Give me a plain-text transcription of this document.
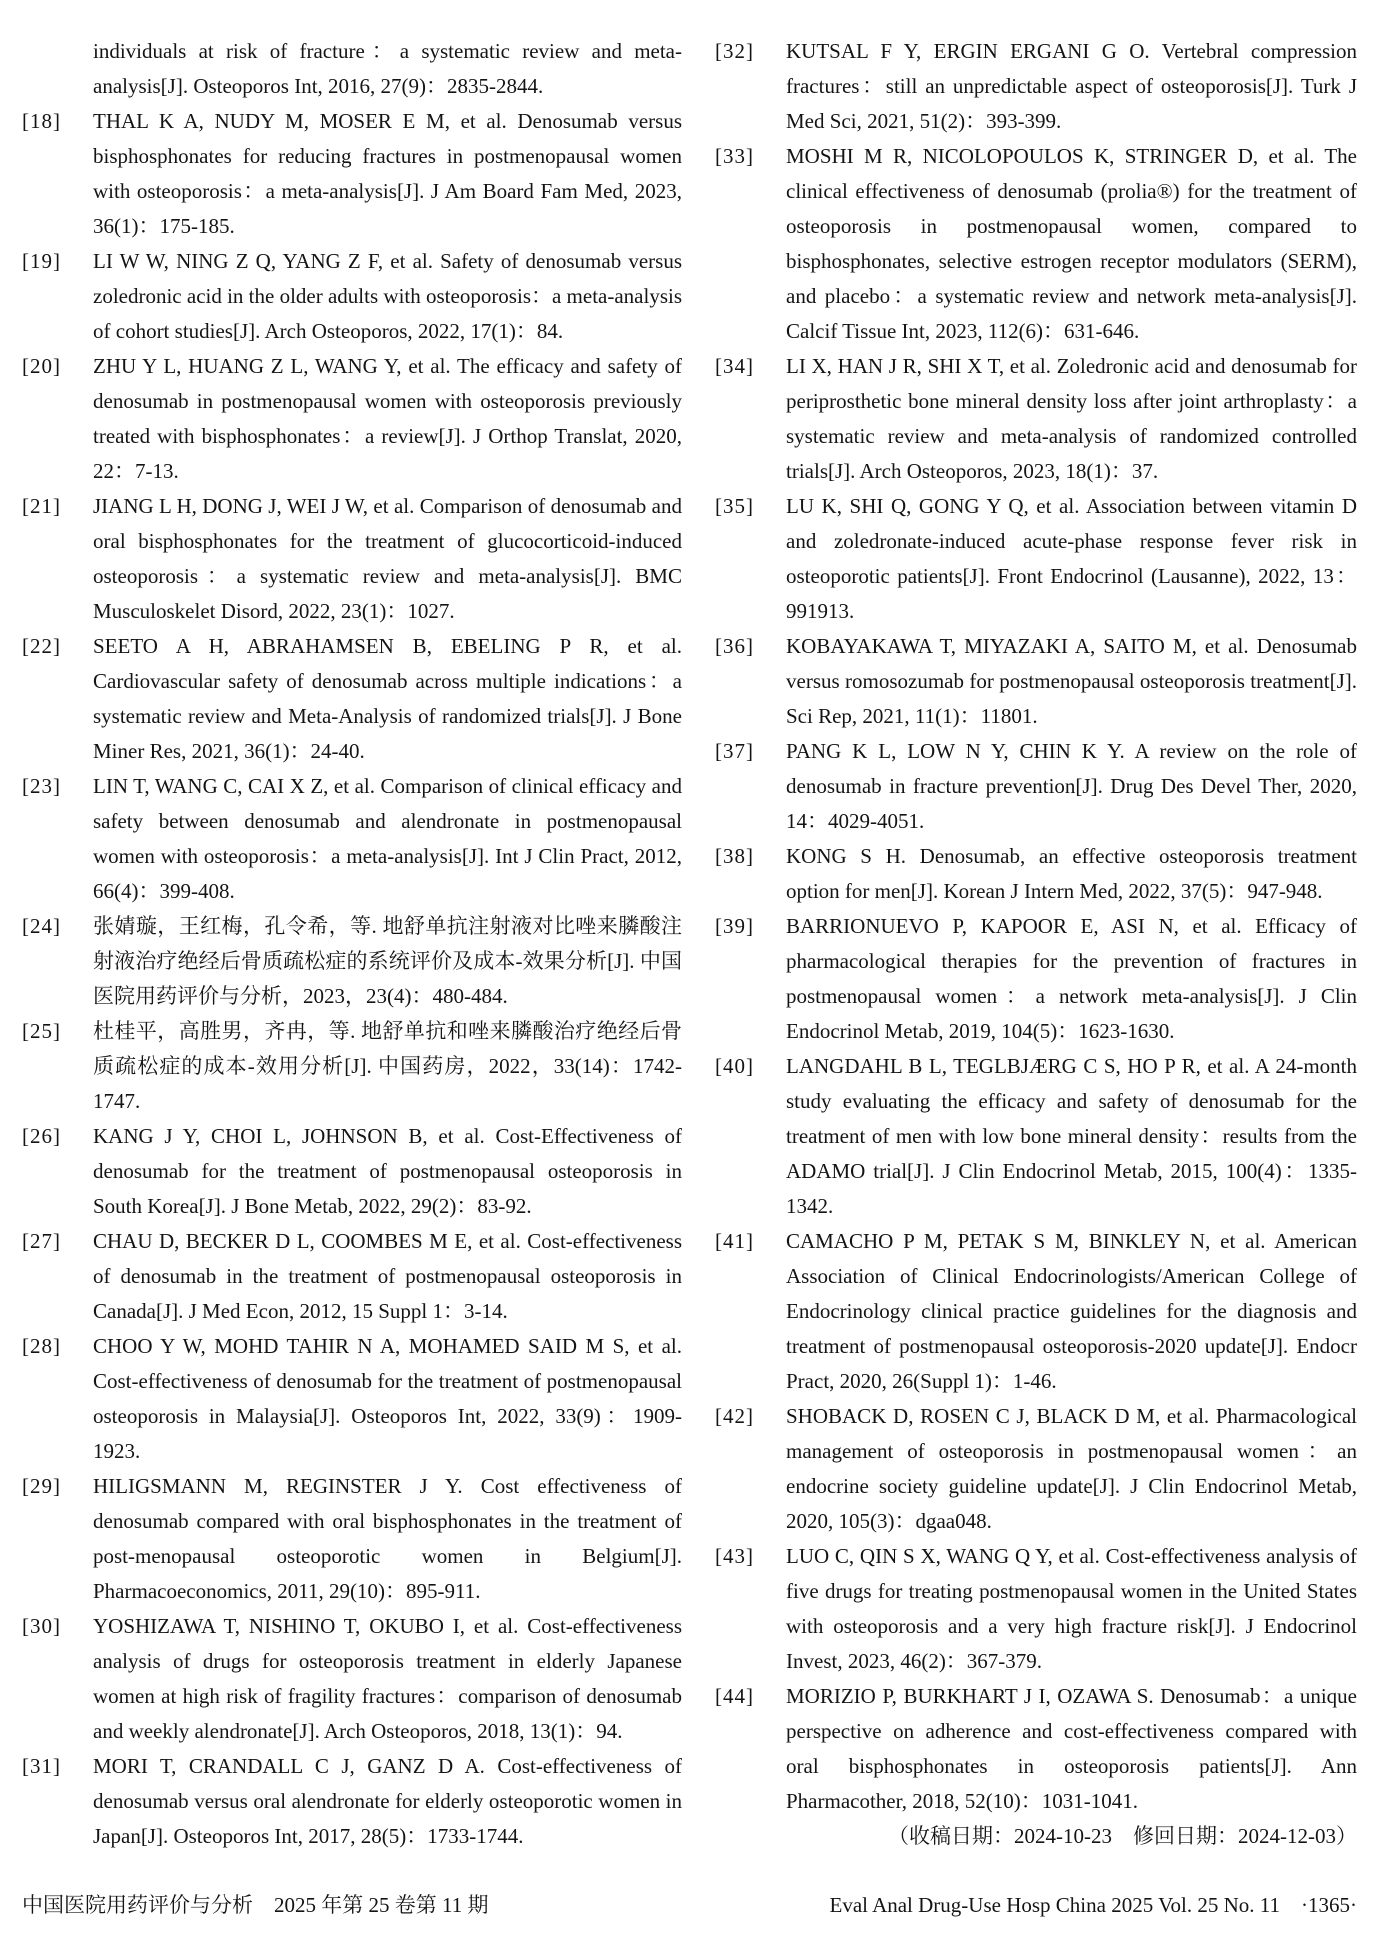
individuals at risk of fracture：a systematic review and meta-analysis[J]. Osteoporos Int, 2016, 27(9)：2835-2844.
[18]	THAL K A, NUDY M, MOSER E M, et al. Denosumab versus bisphosphonates for reducing fractures in postmenopausal women with osteoporosis：a meta-analysis[J]. J Am Board Fam Med, 2023, 36(1)：175-185.
[19]	LI W W, NING Z Q, YANG Z F, et al. Safety of denosumab versus zoledronic acid in the older adults with osteoporosis：a meta-analysis of cohort studies[J]. Arch Osteoporos, 2022, 17(1)：84.
[20]	ZHU Y L, HUANG Z L, WANG Y, et al. The efficacy and safety of denosumab in postmenopausal women with osteoporosis previously treated with bisphosphonates：a review[J]. J Orthop Translat, 2020, 22：7-13.
[21]	JIANG L H, DONG J, WEI J W, et al. Comparison of denosumab and oral bisphosphonates for the treatment of glucocorticoid-induced osteoporosis：a systematic review and meta-analysis[J]. BMC Musculoskelet Disord, 2022, 23(1)：1027.
[22]	SEETO A H, ABRAHAMSEN B, EBELING P R, et al. Cardiovascular safety of denosumab across multiple indications：a systematic review and Meta-Analysis of randomized trials[J]. J Bone Miner Res, 2021, 36(1)：24-40.
[23]	LIN T, WANG C, CAI X Z, et al. Comparison of clinical efficacy and safety between denosumab and alendronate in postmenopausal women with osteoporosis：a meta-analysis[J]. Int J Clin Pract, 2012, 66(4)：399-408.
[24]	张婧璇，王红梅，孔令希，等. 地舒单抗注射液对比唑来膦酸注射液治疗绝经后骨质疏松症的系统评价及成本-效果分析[J]. 中国医院用药评价与分析，2023，23(4)：480-484.
[25]	杜桂平，高胜男，齐冉，等. 地舒单抗和唑来膦酸治疗绝经后骨质疏松症的成本-效用分析[J]. 中国药房，2022，33(14)：1742-1747.
[26]	KANG J Y, CHOI L, JOHNSON B, et al. Cost-Effectiveness of denosumab for the treatment of postmenopausal osteoporosis in South Korea[J]. J Bone Metab, 2022, 29(2)：83-92.
[27]	CHAU D, BECKER D L, COOMBES M E, et al. Cost-effectiveness of denosumab in the treatment of postmenopausal osteoporosis in Canada[J]. J Med Econ, 2012, 15 Suppl 1：3-14.
[28]	CHOO Y W, MOHD TAHIR N A, MOHAMED SAID M S, et al. Cost-effectiveness of denosumab for the treatment of postmenopausal osteoporosis in Malaysia[J]. Osteoporos Int, 2022, 33(9)：1909-1923.
[29]	HILIGSMANN M, REGINSTER J Y. Cost effectiveness of denosumab compared with oral bisphosphonates in the treatment of post-menopausal osteoporotic women in Belgium[J]. Pharmacoeconomics, 2011, 29(10)：895-911.
[30]	YOSHIZAWA T, NISHINO T, OKUBO I, et al. Cost-effectiveness analysis of drugs for osteoporosis treatment in elderly Japanese women at high risk of fragility fractures：comparison of denosumab and weekly alendronate[J]. Arch Osteoporos, 2018, 13(1)：94.
[31]	MORI T, CRANDALL C J, GANZ D A. Cost-effectiveness of denosumab versus oral alendronate for elderly osteoporotic women in Japan[J]. Osteoporos Int, 2017, 28(5)：1733-1744.
[32]	KUTSAL F Y, ERGIN ERGANI G O. Vertebral compression fractures：still an unpredictable aspect of osteoporosis[J]. Turk J Med Sci, 2021, 51(2)：393-399.
[33]	MOSHI M R, NICOLOPOULOS K, STRINGER D, et al. The clinical effectiveness of denosumab (prolia®) for the treatment of osteoporosis in postmenopausal women, compared to bisphosphonates, selective estrogen receptor modulators (SERM), and placebo：a systematic review and network meta-analysis[J]. Calcif Tissue Int, 2023, 112(6)：631-646.
[34]	LI X, HAN J R, SHI X T, et al. Zoledronic acid and denosumab for periprosthetic bone mineral density loss after joint arthroplasty：a systematic review and meta-analysis of randomized controlled trials[J]. Arch Osteoporos, 2023, 18(1)：37.
[35]	LU K, SHI Q, GONG Y Q, et al. Association between vitamin D and zoledronate-induced acute-phase response fever risk in osteoporotic patients[J]. Front Endocrinol (Lausanne), 2022, 13：991913.
[36]	KOBAYAKAWA T, MIYAZAKI A, SAITO M, et al. Denosumab versus romosozumab for postmenopausal osteoporosis treatment[J]. Sci Rep, 2021, 11(1)：11801.
[37]	PANG K L, LOW N Y, CHIN K Y. A review on the role of denosumab in fracture prevention[J]. Drug Des Devel Ther, 2020, 14：4029-4051.
[38]	KONG S H. Denosumab, an effective osteoporosis treatment option for men[J]. Korean J Intern Med, 2022, 37(5)：947-948.
[39]	BARRIONUEVO P, KAPOOR E, ASI N, et al. Efficacy of pharmacological therapies for the prevention of fractures in postmenopausal women：a network meta-analysis[J]. J Clin Endocrinol Metab, 2019, 104(5)：1623-1630.
[40]	LANGDAHL B L, TEGLBJÆRG C S, HO P R, et al. A 24-month study evaluating the efficacy and safety of denosumab for the treatment of men with low bone mineral density：results from the ADAMO trial[J]. J Clin Endocrinol Metab, 2015, 100(4)：1335-1342.
[41]	CAMACHO P M, PETAK S M, BINKLEY N, et al. American Association of Clinical Endocrinologists/American College of Endocrinology clinical practice guidelines for the diagnosis and treatment of postmenopausal osteoporosis-2020 update[J]. Endocr Pract, 2020, 26(Suppl 1)：1-46.
[42]	SHOBACK D, ROSEN C J, BLACK D M, et al. Pharmacological management of osteoporosis in postmenopausal women：an endocrine society guideline update[J]. J Clin Endocrinol Metab, 2020, 105(3)：dgaa048.
[43]	LUO C, QIN S X, WANG Q Y, et al. Cost-effectiveness analysis of five drugs for treating postmenopausal women in the United States with osteoporosis and a very high fracture risk[J]. J Endocrinol Invest, 2023, 46(2)：367-379.
[44]	MORIZIO P, BURKHART J I, OZAWA S. Denosumab：a unique perspective on adherence and cost-effectiveness compared with oral bisphosphonates in osteoporosis patients[J]. Ann Pharmacother, 2018, 52(10)：1031-1041.
（收稿日期：2024-10-23　修回日期：2024-12-03）
中国医院用药评价与分析　2025 年第 25 卷第 11 期	Eval Anal Drug-Use Hosp China 2025 Vol. 25 No. 11　·1365·
